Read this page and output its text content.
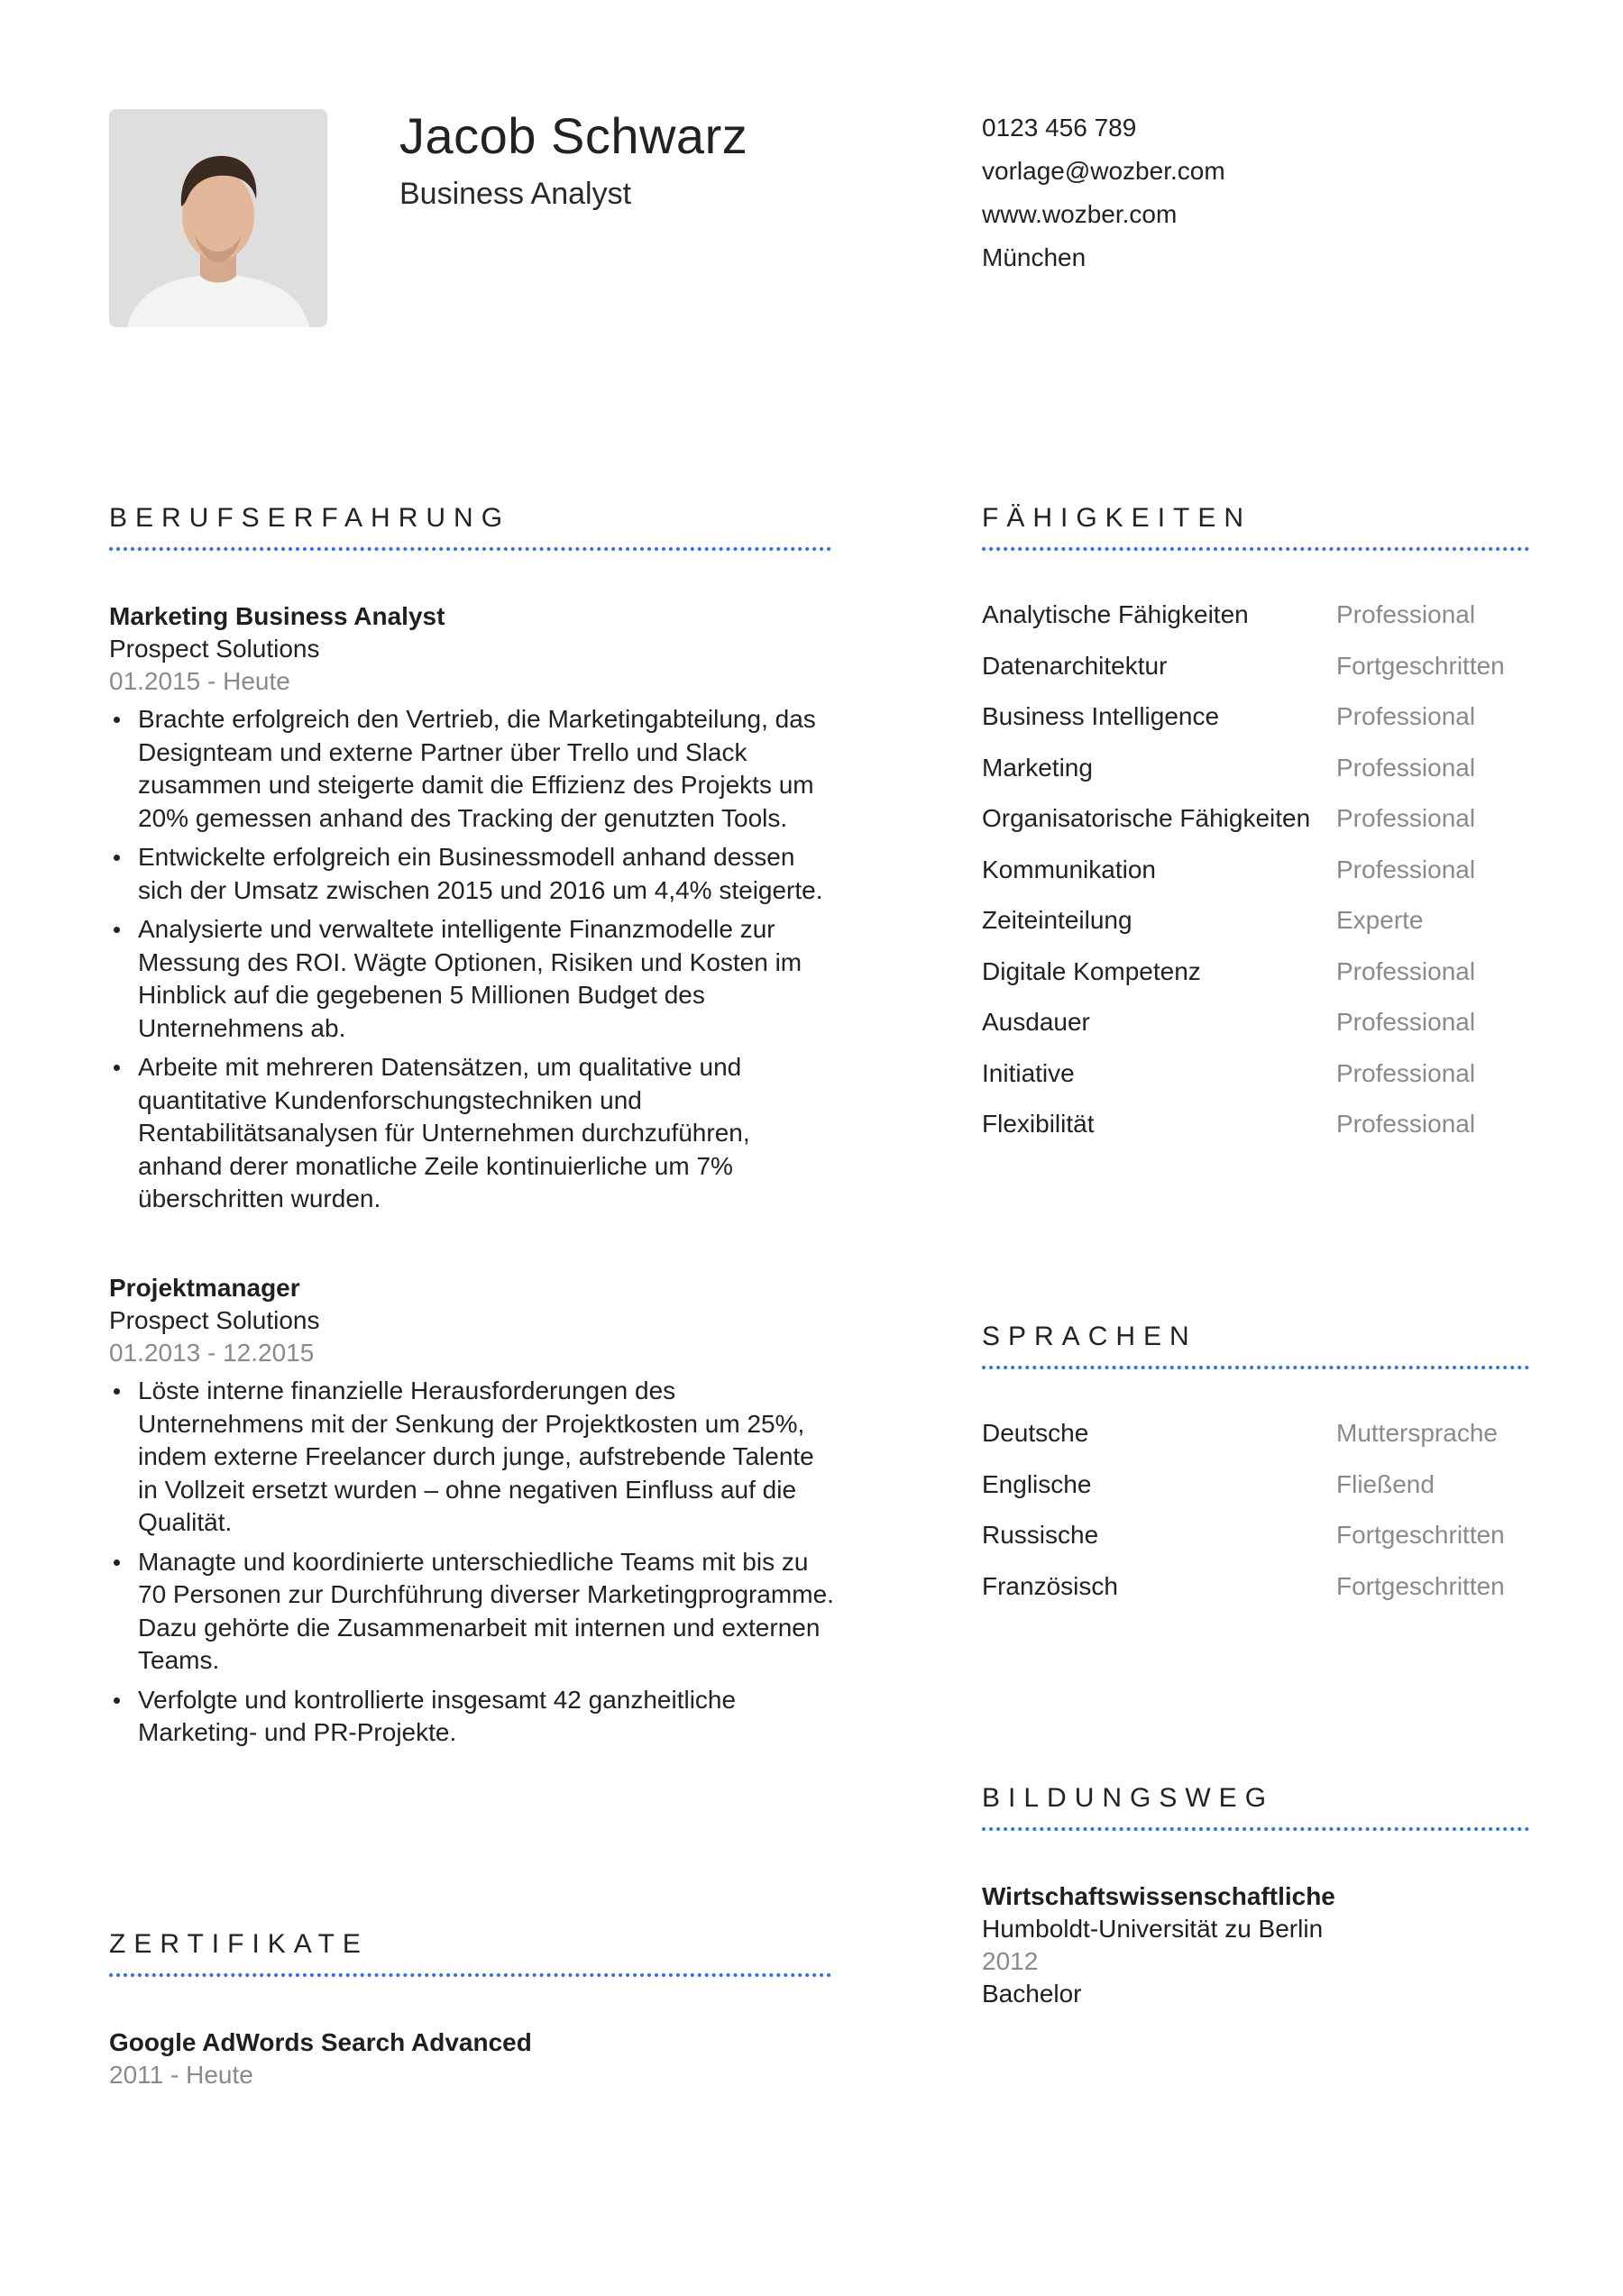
Jacob Schwarz
Business Analyst
0123 456 789
vorlage@wozber.com
www.wozber.com
München
BERUFSERFAHRUNG
Marketing Business Analyst
Prospect Solutions
01.2015 - Heute
Brachte erfolgreich den Vertrieb, die Marketingabteilung, das Designteam und externe Partner über Trello und Slack zusammen und steigerte damit die Effizienz des Projekts um 20% gemessen anhand des Tracking der genutzten Tools.
Entwickelte erfolgreich ein Businessmodell anhand dessen sich der Umsatz zwischen 2015 und 2016 um 4,4% steigerte.
Analysierte und verwaltete intelligente Finanzmodelle zur Messung des ROI. Wägte Optionen, Risiken und Kosten im Hinblick auf die gegebenen 5 Millionen Budget des Unternehmens ab.
Arbeite mit mehreren Datensätzen, um qualitative und quantitative Kundenforschungstechniken und Rentabilitätsanalysen für Unternehmen durchzuführen, anhand derer monatliche Zeile kontinuierliche um 7% überschritten wurden.
Projektmanager
Prospect Solutions
01.2013 - 12.2015
Löste interne finanzielle Herausforderungen des Unternehmens mit der Senkung der Projektkosten um 25%, indem externe Freelancer durch junge, aufstrebende Talente in Vollzeit ersetzt wurden – ohne negativen Einfluss auf die Qualität.
Managte und koordinierte unterschiedliche Teams mit bis zu 70 Personen zur Durchführung diverser Marketingprogramme. Dazu gehörte die Zusammenarbeit mit internen und externen Teams.
Verfolgte und kontrollierte insgesamt 42 ganzheitliche Marketing- und PR-Projekte.
ZERTIFIKATE
Google AdWords Search Advanced
2011 - Heute
FÄHIGKEITEN
Analytische Fähigkeiten	Professional
Datenarchitektur	Fortgeschritten
Business Intelligence	Professional
Marketing	Professional
Organisatorische Fähigkeiten Professional
Kommunikation	Professional
Zeiteinteilung	Experte
Digitale Kompetenz	Professional
Ausdauer	Professional
Initiative	Professional
Flexibilität	Professional
SPRACHEN
Deutsche	Muttersprache
Englische	Fließend
Russische	Fortgeschritten
Französisch	Fortgeschritten
BILDUNGSWEG
Wirtschaftswissenschaftliche
Humboldt-Universität zu Berlin
2012
Bachelor
